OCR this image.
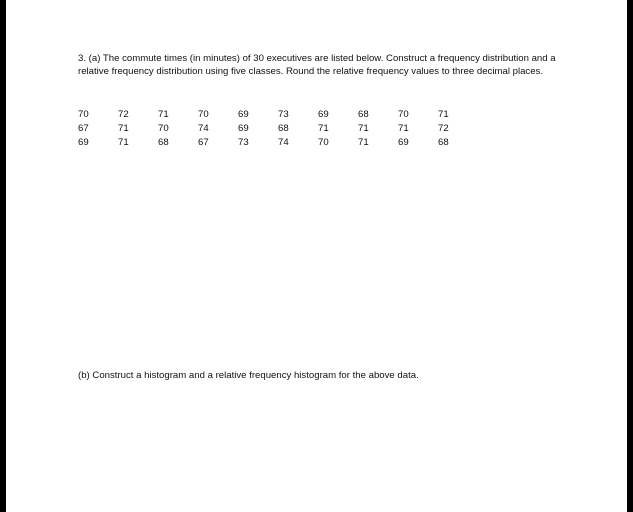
3. (a) The commute times (in minutes) of 30 executives are listed below. Construct a frequency distribution and a relative frequency distribution using five classes. Round the relative frequency values to three decimal places.

70	72	71	70	69	73	69	68	70	71
67	71	70	74	69	68	71	71	71	72
69	71	68	67	73	74	70	71	69	68

(b) Construct a histogram and a relative frequency histogram for the above data.
